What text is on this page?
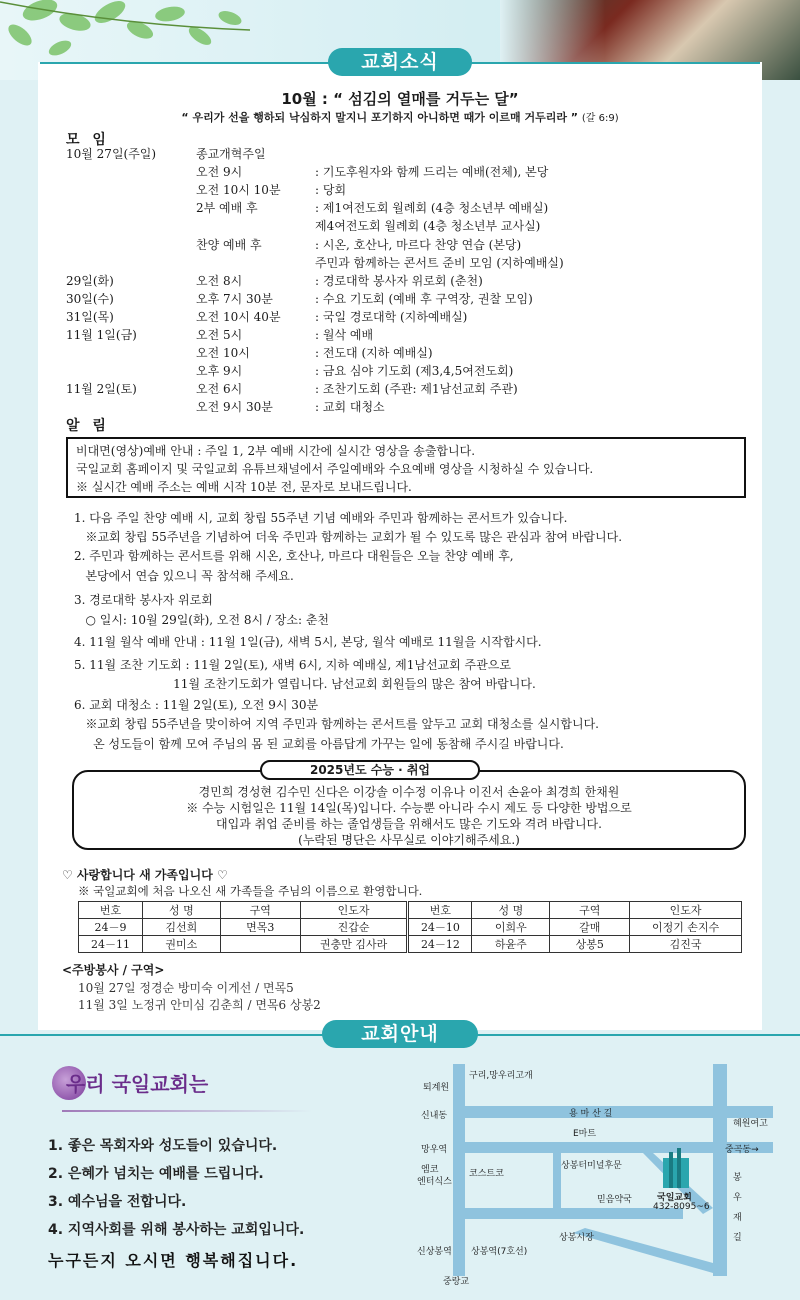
교회소식
10월 : “ 섬김의 열매를 거두는 달”
“ 우리가 선을 행하되 낙심하지 말지니 포기하지 아니하면 때가 이르매 거두리라 ” (갈 6:9)
모 임
10월 27일(주일)	종교개혁주일
오전 9시	: 기도후원자와 함께 드리는 예배(전체), 본당
오전 10시 10분	: 당회
2부 예배 후	: 제1여전도회 월례회 (4층 청소년부 예배실)
제4여전도회 월례회 (4층 청소년부 교사실)
찬양 예배 후	: 시온, 호산나, 마르다 찬양 연습 (본당)
주민과 함께하는 콘서트 준비 모임 (지하예배실)
29일(화)	오전 8시	: 경로대학 봉사자 위로회 (춘천)
30일(수)	오후 7시 30분	: 수요 기도회 (예배 후 구역장, 권찰 모임)
31일(목)	오전 10시 40분	: 국일 경로대학 (지하예배실)
11월 1일(금)	오전 5시	: 월삭 예배
오전 10시	: 전도대 (지하 예배실)
오후 9시	: 금요 심야 기도회 (제3,4,5여전도회)
11월 2일(토)	오전 6시	: 조찬기도회 (주관: 제1남선교회 주관)
오전 9시 30분	: 교회 대청소
알 림
비대면(영상)예배 안내 : 주일 1, 2부 예배 시간에 실시간 영상을 송출합니다.
국일교회 홈페이지 및 국일교회 유튜브채널에서 주일예배와 수요예배 영상을 시청하실 수 있습니다.
※ 실시간 예배 주소는 예배 시작 10분 전, 문자로 보내드립니다.
1. 다음 주일 찬양 예배 시, 교회 창립 55주년 기념 예배와 주민과 함께하는 콘서트가 있습니다.
※교회 창립 55주년을 기념하여 더욱 주민과 함께하는 교회가 될 수 있도록 많은 관심과 참여 바랍니다.
2. 주민과 함께하는 콘서트를 위해 시온, 호산나, 마르다 대원들은 오늘 찬양 예배 후,
본당에서 연습 있으니 꼭 참석해 주세요.
3. 경로대학 봉사자 위로회
○ 일시: 10월 29일(화), 오전 8시 / 장소: 춘천
4. 11월 월삭 예배 안내 : 11월 1일(금), 새벽 5시, 본당, 월삭 예배로 11월을 시작합시다.
5. 11월 조찬 기도회 : 11월 2일(토), 새벽 6시, 지하 예배실, 제1남선교회 주관으로
11월 조찬기도회가 열립니다. 남선교회 회원들의 많은 참여 바랍니다.
6. 교회 대청소 : 11월 2일(토), 오전 9시 30분
※교회 창립 55주년을 맞이하여 지역 주민과 함께하는 콘서트를 앞두고 교회 대청소를 실시합니다.
온 성도들이 함께 모여 주님의 몸 된 교회를 아름답게 가꾸는 일에 동참해 주시길 바랍니다.
경민희 경성현 김수민 신다은 이강솔 이수정 이유나 이진서 손윤아 최경희 한채원
※ 수능 시험일은 11월 14일(목)입니다. 수능뿐 아니라 수시 제도 등 다양한 방법으로
대입과 취업 준비를 하는 졸업생들을 위해서도 많은 기도와 격려 바랍니다.
(누락된 명단은 사무실로 이야기해주세요.)
2025년도 수능 · 취업
♡ 사랑합니다 새 가족입니다 ♡
※ 국일교회에 처음 나오신 새 가족들을 주님의 이름으로 환영합니다.
번호	성 명	구역	인도자	번호	성 명	구역	인도자
24－9	김선희	면목3	진갑순	24－10	이희우	갈매	이정기 손지수
24－11	권미소		권충만 김사라	24－12	하윤주	상봉5	김진국
<주방봉사 / 구역>
10월 27일 정경순 방미숙 이게선 / 면목5
11월 3일 노정귀 안미심 김춘희 / 면목6 상봉2
교회안내
우리 국일교회는
1. 좋은 목회자와 성도들이 있습니다.
2. 은혜가 넘치는 예배를 드립니다.
3. 예수님을 전합니다.
4. 지역사회를 위해 봉사하는 교회입니다.
누구든지 오시면 행복해집니다.
구리,망우리고개
퇴계원
용 마 산 길
신내동
혜원여고
E마트
망우역	중곡동→
엠코
엔터식스
코스트코
상봉터미널후문
믿음약국	국일교회
432-8095~6
상봉시장
봉우재길
신상봉역 상봉역(7호선)
중랑교
